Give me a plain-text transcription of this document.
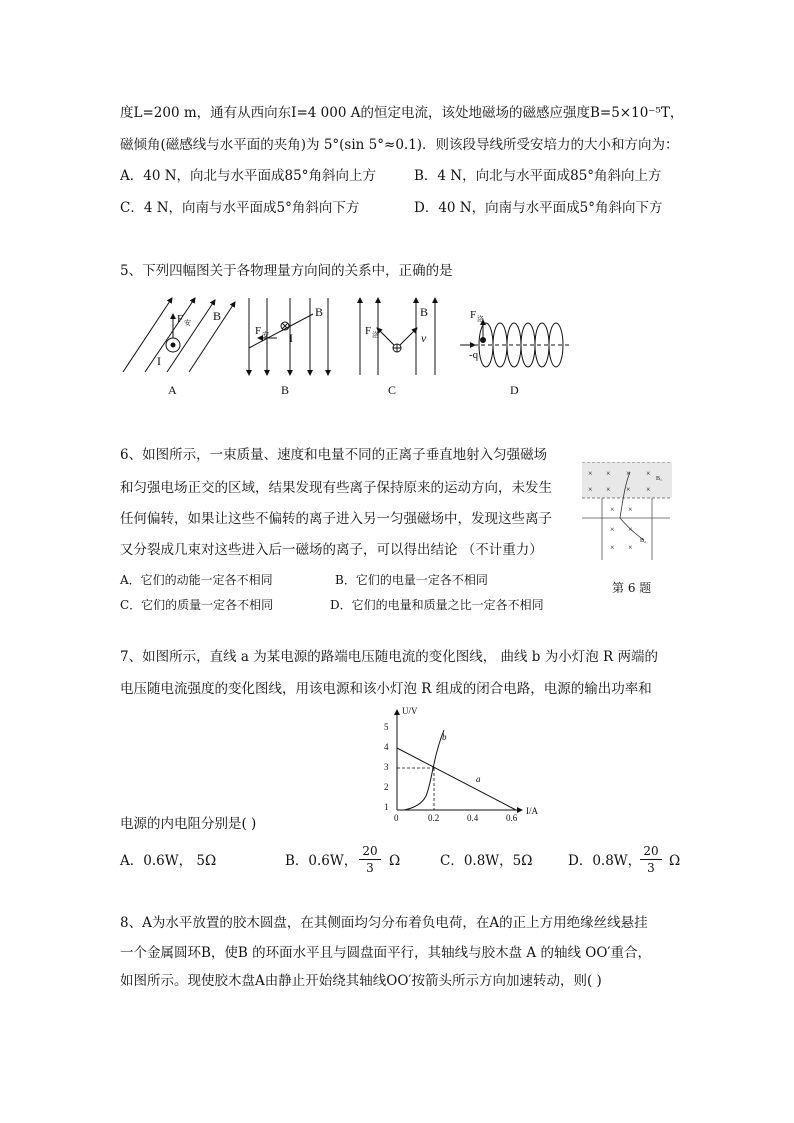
度L=200 m，通有从西向东I=4 000 A的恒定电流，该处地磁场的磁感应强度B=5×10⁻⁵T，
磁倾角(磁感线与水平面的夹角)为 5°(sin 5°≈0.1)．则该段导线所受安培力的大小和方向为：
A．40 N，向北与水平面成85°角斜向上方	B．4 N，向北与水平面成85°角斜向上方
C．4 N，向南与水平面成5°角斜向下方	D．40 N，向南与水平面成5°角斜向下方
5、下列四幅图关于各物理量方向间的关系中，正确的是
F 安 B
I
F 安
B
I	F 洛
B
v
F 洛
-q
A	B	C	D
6、如图所示，一束质量、速度和电量不同的正离子垂直地射入匀强磁场
和匀强电场正交的区域，结果发现有些离子保持原来的运动方向，未发生
任何偏转，如果让这些不偏转的离子进入另一匀强磁场中，发现这些离子
又分裂成几束对这些进入后一磁场的离子，可以得出结论 （不计重力）
A．它们的动能一定各不相同	B．它们的电量一定各不相同
C．它们的质量一定各不相同	D．它们的电量和质量之比一定各不相同
第 6 题
× × × ×
× × × ×
× ×
× ×
× ×
B₁
B₂
7、如图所示，直线 a 为某电源的路端电压随电流的变化图线， 曲线 b 为小灯泡 R 两端的
电压随电流强度的变化图线，用该电源和该小灯泡 R 组成的闭合电路，电源的输出功率和
电源的内电阻分别是( )
U/V
I/A
1
2
3
4
5
0	0.2	0.4	0.6
a
b
A．0.6W， 5Ω	B．0.6W， $\frac{20}{3}$ Ω	C．0.8W，5Ω	D．0.8W，
$\frac{20}{3}$ Ω
8、A为水平放置的胶木圆盘，在其侧面均匀分布着负电荷，在A的正上方用绝缘丝线悬挂
一个金属圆环B，使B 的环面水平且与圆盘面平行，其轴线与胶木盘 A 的轴线 OO′重合，
如图所示。现使胶木盘A由静止开始绕其轴线OO′按箭头所示方向加速转动，则( )
